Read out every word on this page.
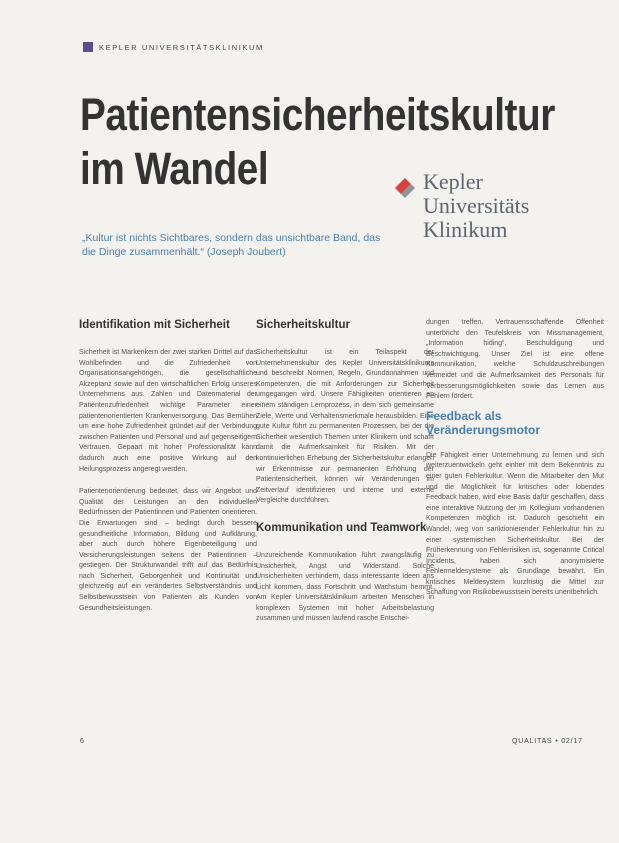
KEPLER UNIVERSITÄTSKLINIKUM
Patientensicherheitskultur
im Wandel	Kepler
Universitäts
Klinikum
„Kultur ist nichts Sichtbares, sondern das unsichtbare Band, das die Dinge zusammenhält.“ (Joseph Joubert)
Identifikation mit Sicherheit

Sicherheit ist Markenkern der zwei starken Drittel auf das Wohlbefinden und die Zufriedenheit von Organisationsangehörigen, die gesellschaftliche Akzeptanz sowie auf den wirtschaftlichen Erfolg unseres Unternehmens aus. Zahlen und Datenmaterial der Patientenzufriedenheit wichtige Parameter einer patientenorientierten Krankenversorgung. Das Bemühen um eine hohe Zufriedenheit gründet auf der Verbindung zwischen Patienten und Personal und auf gegenseitigem Vertrauen. Gepaart mit hoher Professionalität kann dadurch auch eine positive Wirkung auf den Heilungsprozess angeregt werden.

Patientenorientierung bedeutet, dass wir Angebot und Qualität der Leistungen an den individuellen Bedürfnissen der Patientinnen und Patienten orientieren. Die Erwartungen sind – bedingt durch bessere gesundheitliche Information, Bildung und Aufklärung, aber auch durch höhere Eigenbeteiligung und Versicherungsleistungen seitens der Patientinnen – gestiegen. Der Strukturwandel trifft auf das Bedürfnis nach Sicherheit, Geborgenheit und Kontinuität und gleichzeitig auf ein verändertes Selbstverständnis und Selbstbewusstsein von Patienten als Kunden von Gesundheitsleistungen.

Sicherheitskultur

Sicherheitskultur ist ein Teilaspekt der Unternehmenskultur des Kepler Universitätsklinikums und beschreibt Normen, Regeln, Grundannahmen und Kompetenzen, die mit Anforderungen zur Sicherheit umgegangen wird. Unsere Fähigkeiten orientieren an einem ständigen Lernprozess, in dem sich gemeinsame Ziele, Werte und Verhaltensmerkmale herausbilden. Eine gute Kultur führt zu permanenten Prozessen, bei der die Sicherheit wesentlich Themen unter Klinikern und schafft damit die Aufmerksamkeit für Risiken. Mit der kontinuierlichen Erhebung der Sicherheitskultur erlangen wir Erkenntnisse zur permanenten Erhöhung der Patientensicherheit, können wir Veränderungen im Zeitverlauf identifizieren und interne und externe Vergleiche durchführen.

Kommunikation und Teamwork

Unzureichende Kommunikation führt zwangsläufig zu Unsicherheit, Angst und Widerstand. Solche Unsicherheiten verhindern, dass interessante Ideen ans Licht kommen, dass Fortschritt und Wachstum hemmt. Am Kepler Universitätsklinikum arbeiten Menschen in komplexen Systemen mit hoher Arbeitsbelastung zusammen und müssen laufend rasche Entschei-

dungen treffen. Vertrauensschaffende Offenheit unterbricht den Teufelskreis von Missmanagement, „Information hiding“, Beschuldigung und Beschwichtigung. Unser Ziel ist eine offene Kommunikation, welche Schuldzuschreibungen vermeidet und die Aufmerksamkeit des Personals für Verbesserungsmöglichkeiten sowie das Lernen aus Fehlern fördert.

Feedback als Veränderungsmotor

Die Fähigkeit einer Unternehmung zu lernen und sich weiterzuentwickeln geht einher mit dem Bekenntnis zu einer guten Fehlerkultur. Wenn die Mitarbeiter den Mut und die Möglichkeit für kritisches oder lobendes Feedback haben, wird eine Basis dafür geschaffen, dass eine interaktive Nutzung der im Kollegium vorhandenen Kompetenzen möglich ist. Dadurch geschieht ein Wandel, weg von sanktionierender Fehlerkultur hin zu einer systemischen Sicherheitskultur. Bei der Früherkennung von Fehlerrisiken ist, sogenannte Critical Incidents, haben sich anonymisierte Fehlermeldesysteme als Grundlage bewährt. Ein kritisches Meldesystem kurzfristig die Mittel zur Schaffung von Risikobewusstsein bereits unentbehrlich.

6	QUALITAS • 02/17
